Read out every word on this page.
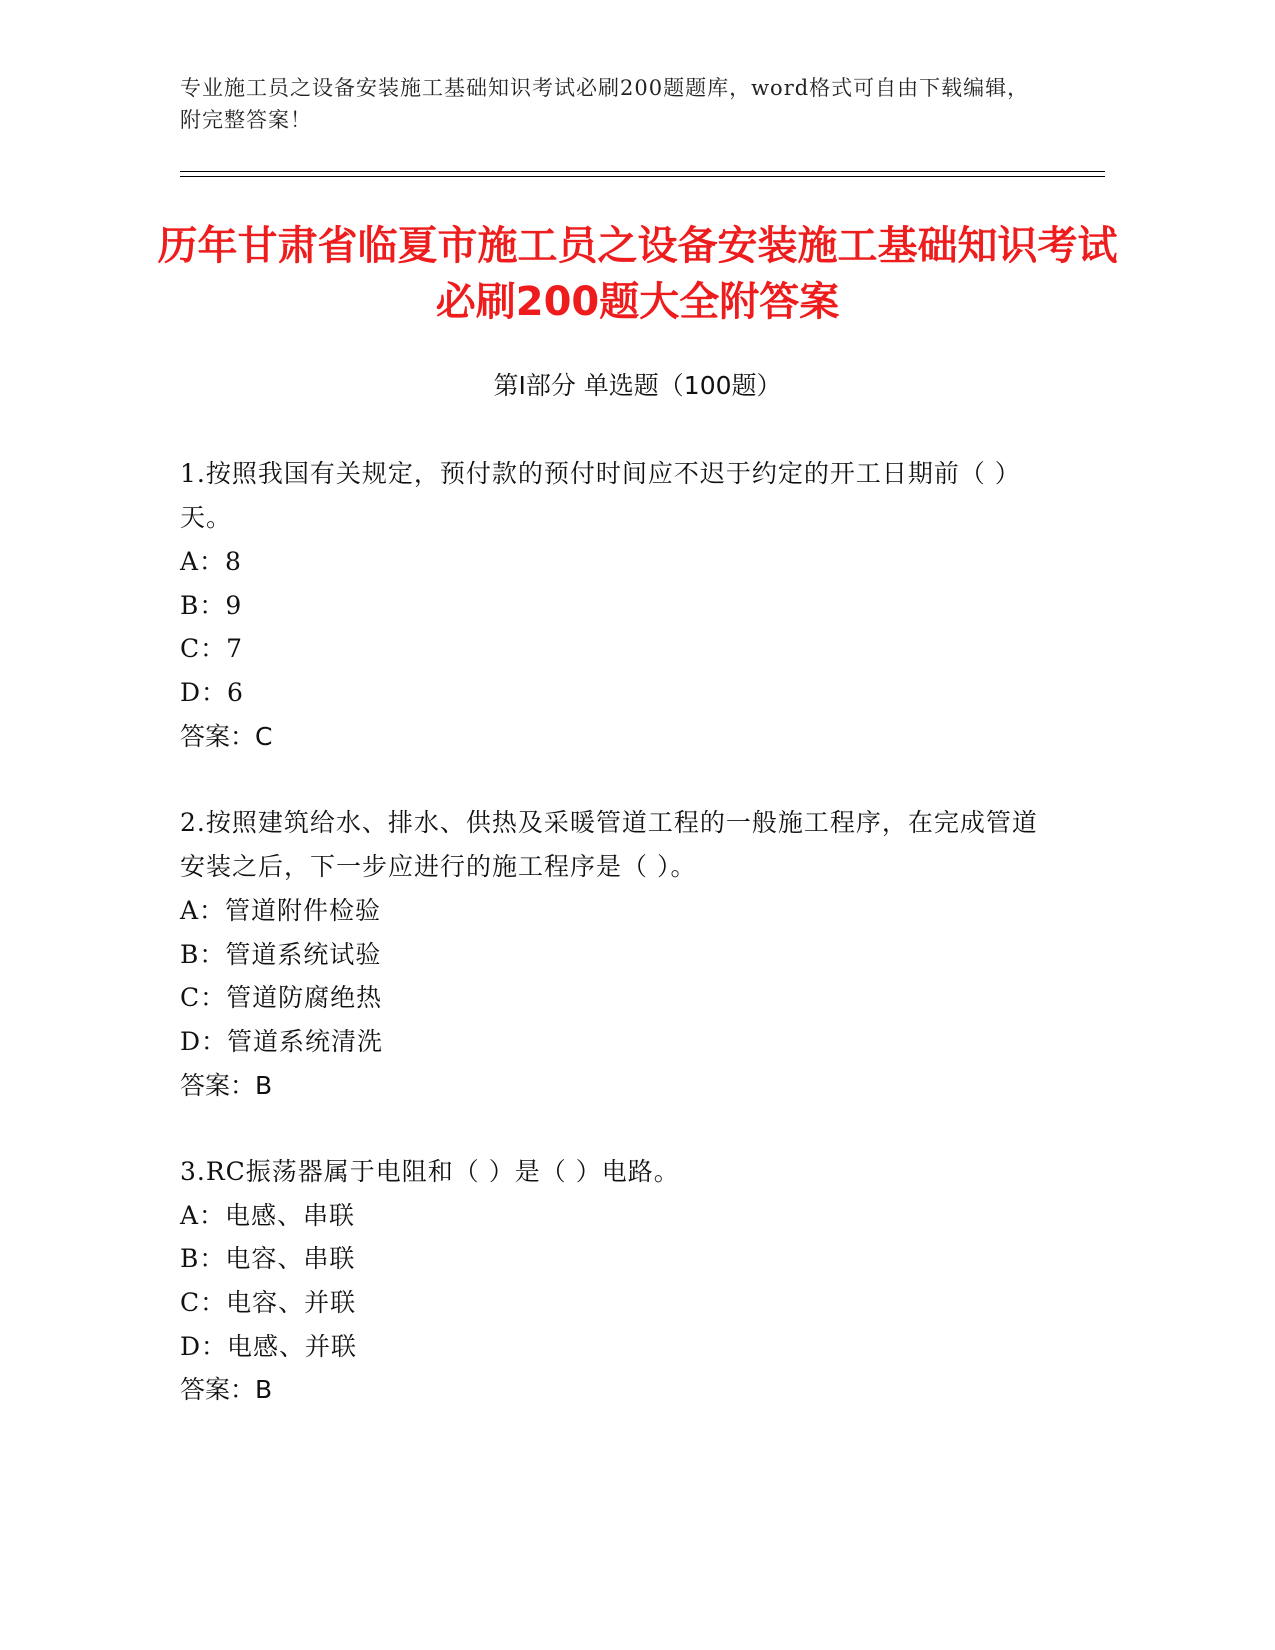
专业施工员之设备安装施工基础知识考试必刷200题题库，word格式可自由下载编辑，附完整答案！
历年甘肃省临夏市施工员之设备安装施工基础知识考试必刷200题大全附答案
第Ⅰ部分 单选题（100题）
1.按照我国有关规定，预付款的预付时间应不迟于约定的开工日期前（ ）天。
A：8
B：9
C：7
D：6
答案：C
2.按照建筑给水、排水、供热及采暖管道工程的一般施工程序，在完成管道安装之后，下一步应进行的施工程序是（ ）。
A：管道附件检验
B：管道系统试验
C：管道防腐绝热
D：管道系统清洗
答案：B
3.RC振荡器属于电阻和（ ）是（ ）电路。
A：电感、串联
B：电容、串联
C：电容、并联
D：电感、并联
答案：B
